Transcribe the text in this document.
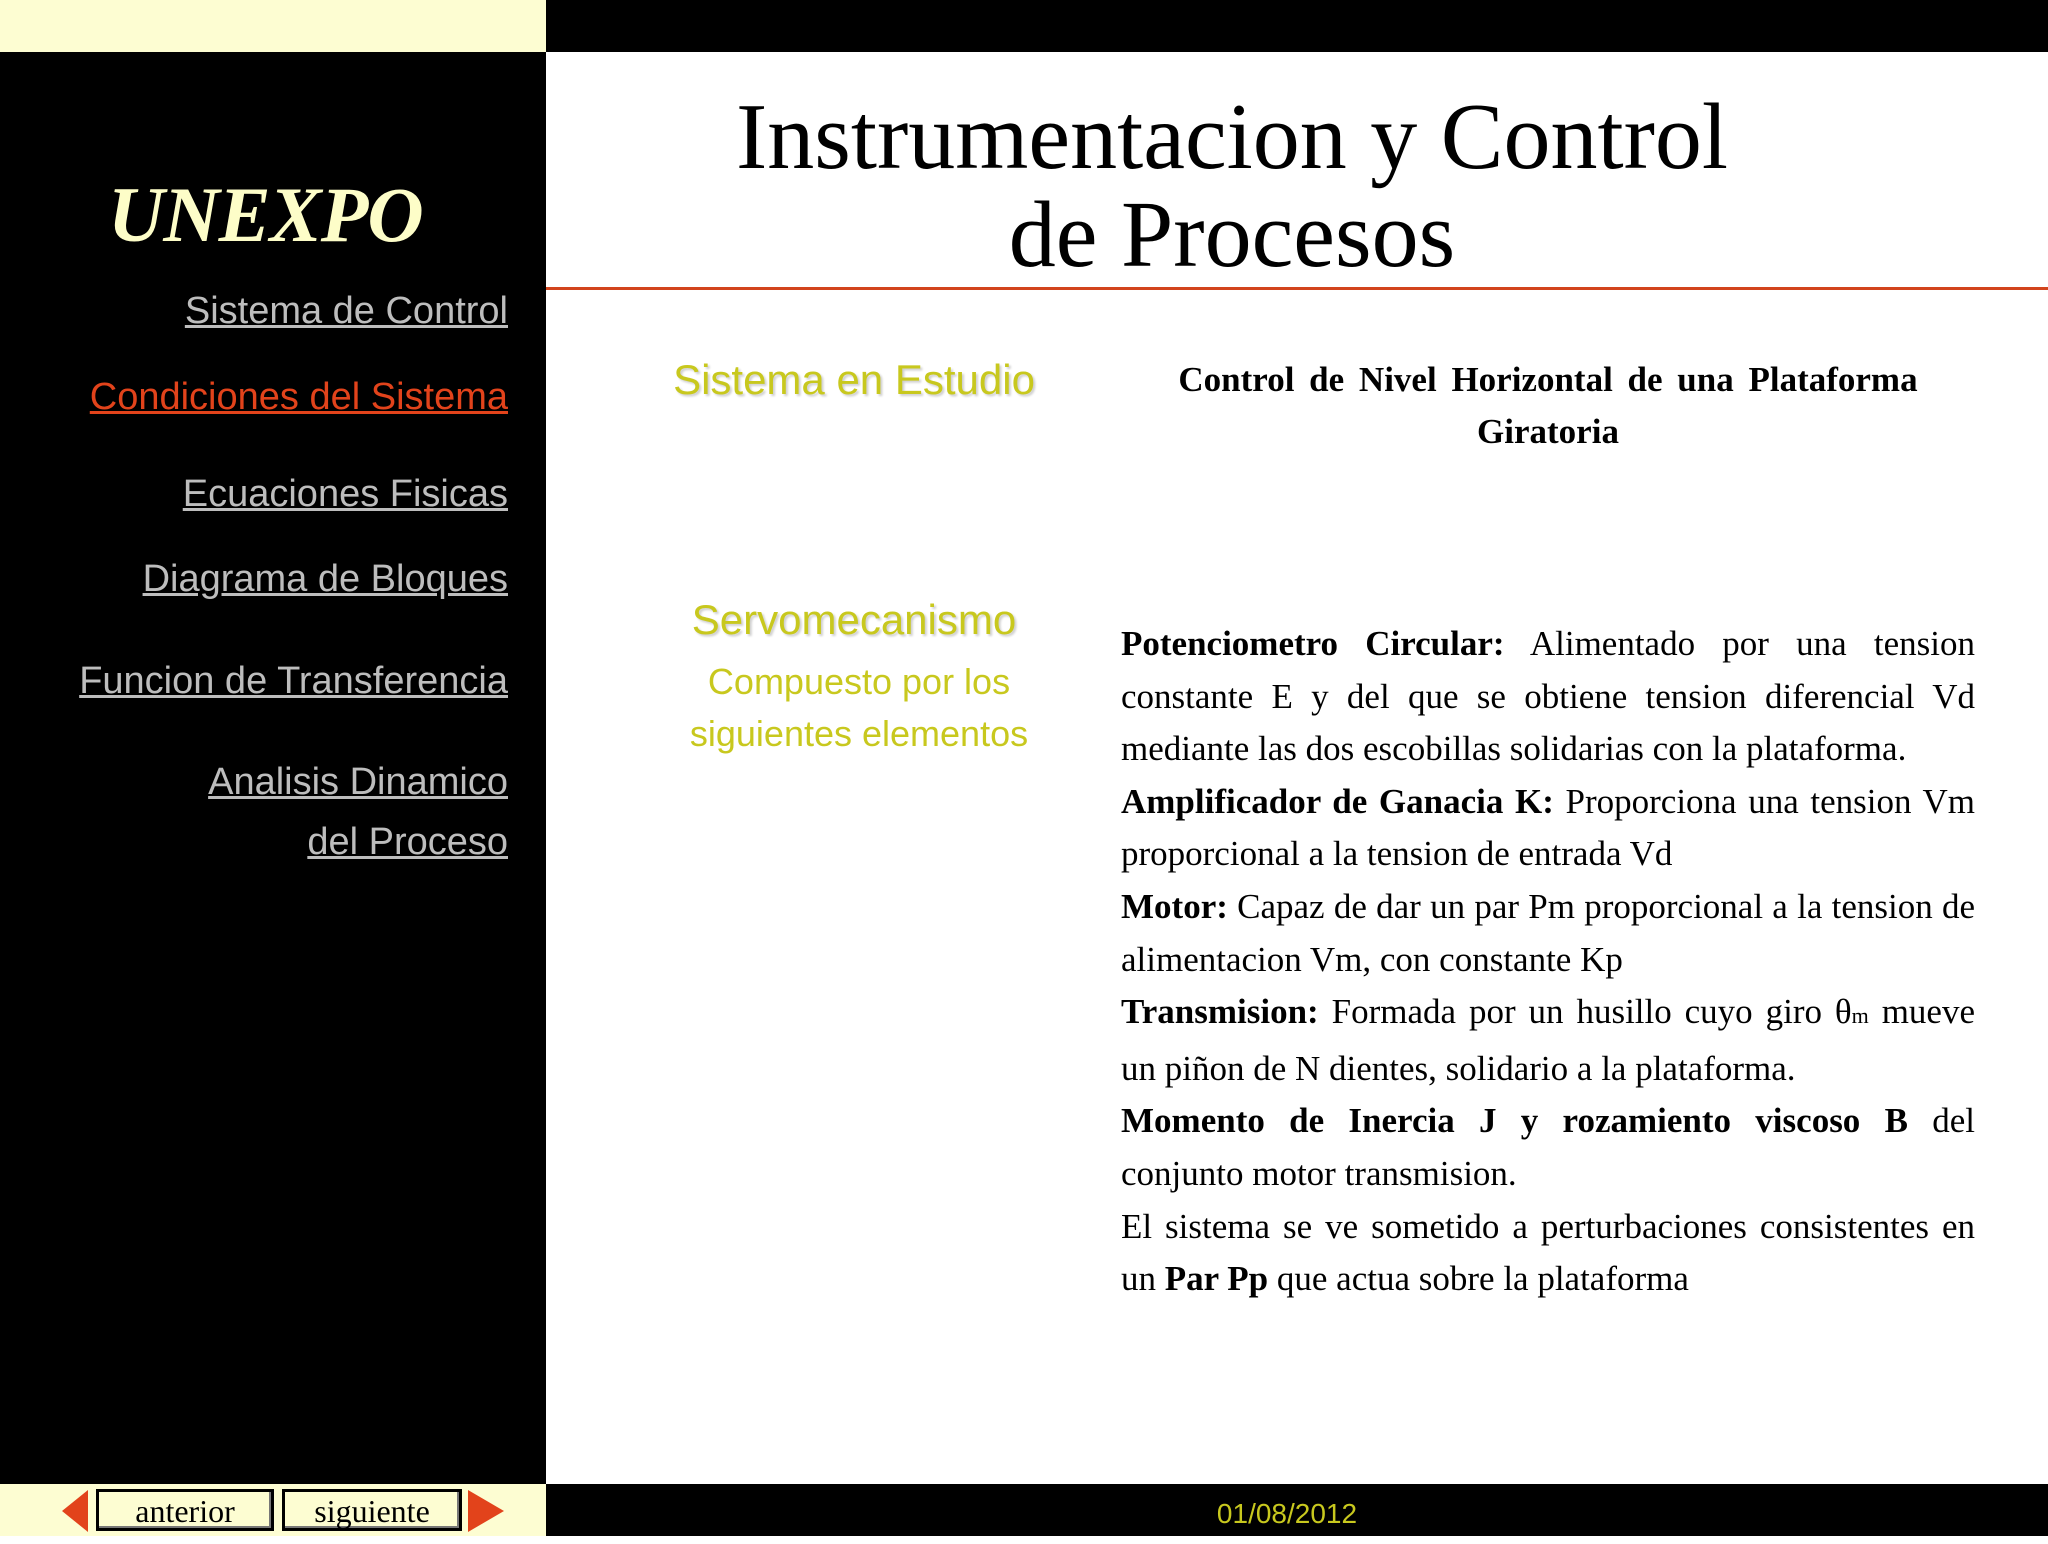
UNEXPO
Sistema de Control
Condiciones del Sistema
Ecuaciones Fisicas
Diagrama de Bloques
Funcion de Transferencia
Analisis Dinamico
del Proceso
Instrumentacion y Control
de Procesos
Sistema en Estudio	Control de Nivel Horizontal de una Plataforma Giratoria
Servomecanismo
Compuesto por los
siguientes elementos

Potenciometro Circular: Alimentado por una tension constante E y del que se obtiene tension diferencial Vd mediante las dos escobillas solidarias con la plataforma.

Amplificador de Ganacia K: Proporciona una tension Vm proporcional a la tension de entrada Vd

Motor: Capaz de dar un par Pm proporcional a la tension de alimentacion Vm, con constante Kp

Transmision: Formada por un husillo cuyo giro θm mueve un piñon de N dientes, solidario a la plataforma.

Momento de Inercia J y rozamiento viscoso B del conjunto motor transmision.

El sistema se ve sometido a perturbaciones consistentes en un Par Pp que actua sobre la plataforma

anterior	siguiente	01/08/2012
